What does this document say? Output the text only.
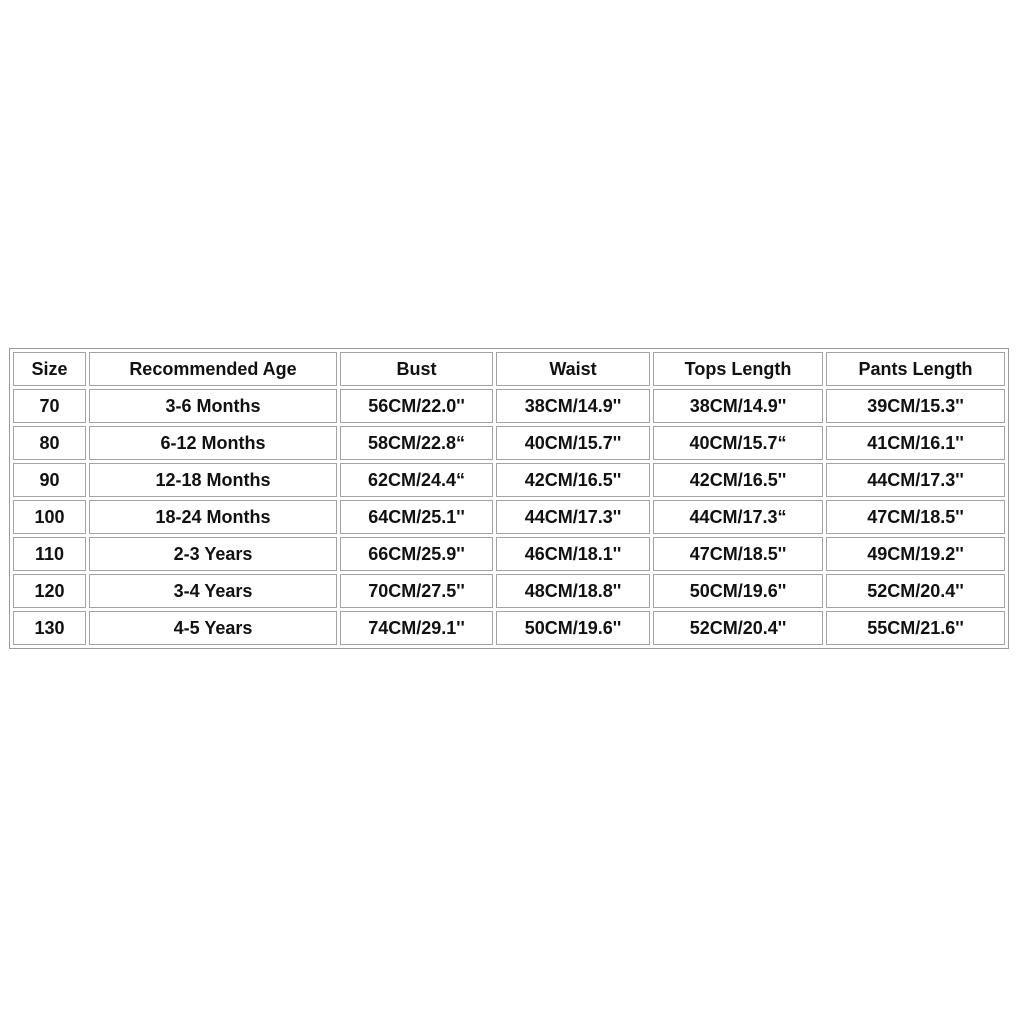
Size	Recommended Age	Bust	Waist	Tops Length	Pants Length
70	3-6 Months	56CM/22.0''	38CM/14.9''	38CM/14.9''	39CM/15.3''
80	6-12 Months	58CM/22.8“	40CM/15.7''	40CM/15.7“	41CM/16.1''
90	12-18 Months	62CM/24.4“	42CM/16.5''	42CM/16.5''	44CM/17.3''
100	18-24 Months	64CM/25.1''	44CM/17.3''	44CM/17.3“	47CM/18.5''
110	2-3 Years	66CM/25.9''	46CM/18.1''	47CM/18.5''	49CM/19.2''
120	3-4 Years	70CM/27.5''	48CM/18.8''	50CM/19.6''	52CM/20.4''
130	4-5 Years	74CM/29.1''	50CM/19.6''	52CM/20.4''	55CM/21.6''
